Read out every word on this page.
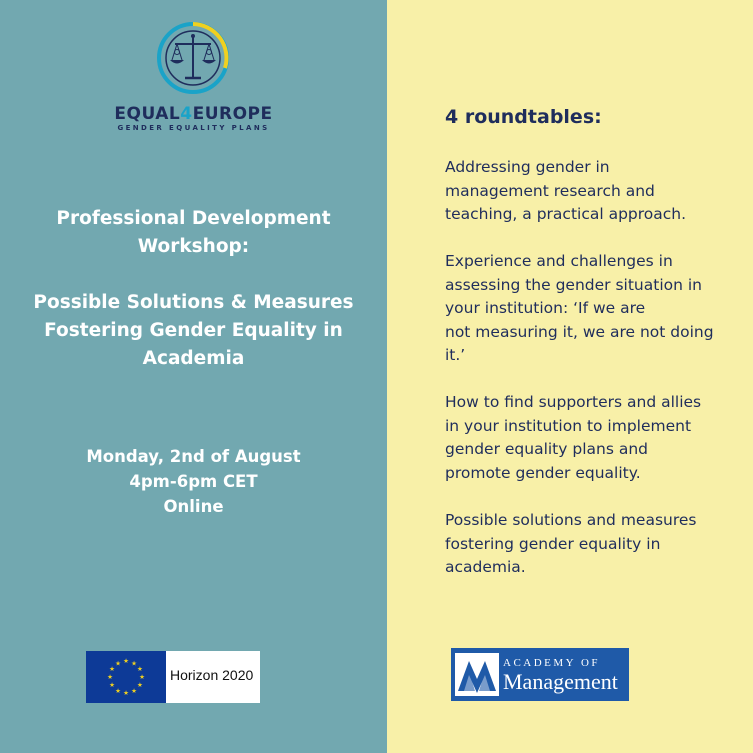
EQUAL4EUROPE
GENDER EQUALITY PLANS
Professional Development
Workshop:
Possible Solutions & Measures
Fostering Gender Equality in
Academia
Monday, 2nd of August
4pm-6pm CET
Online
★ ★
★
★
★
★
★
★
★
★
★
★
Horizon 2020
4 roundtables:

Addressing gender in
management research and
teaching, a practical approach.

Experience and challenges in
assessing the gender situation in
your institution: ‘If we are
not measuring it, we are not doing
it.’

How to find supporters and allies
in your institution to implement
gender equality plans and
promote gender equality.

Possible solutions and measures
fostering gender equality in
academia.

ACADEMY OF
Management
